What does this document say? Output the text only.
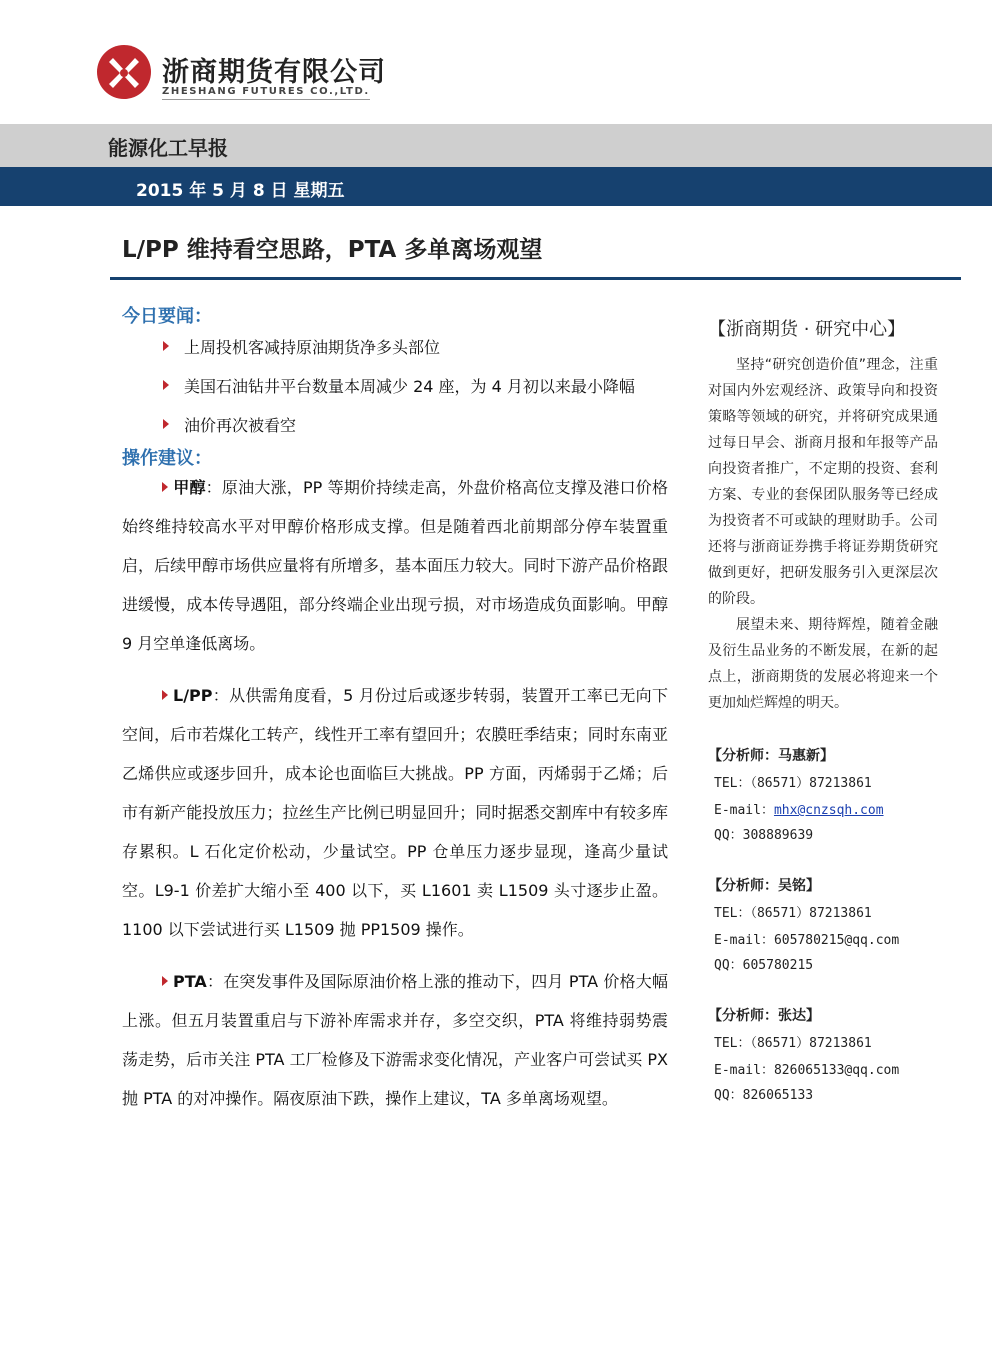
浙商期货有限公司
ZHESHANG FUTURES CO.,LTD.
能源化工早报
2015 年 5 月 8 日 星期五
L/PP 维持看空思路，PTA 多单离场观望
今日要闻：
上周投机客减持原油期货净多头部位
美国石油钻井平台数量本周减少 24 座，为 4 月初以来最小降幅
油价再次被看空
操作建议：

甲醇：原油大涨，PP 等期价持续走高，外盘价格高位支撑及港口价格始终维持较高水平对甲醇价格形成支撑。但是随着西北前期部分停车装置重启，后续甲醇市场供应量将有所增多，基本面压力较大。同时下游产品价格跟进缓慢，成本传导遇阻，部分终端企业出现亏损，对市场造成负面影响。甲醇 9 月空单逢低离场。

L/PP：从供需角度看，5 月份过后或逐步转弱，装置开工率已无向下空间，后市若煤化工转产，线性开工率有望回升；农膜旺季结束；同时东南亚乙烯供应或逐步回升，成本论也面临巨大挑战。PP 方面，丙烯弱于乙烯；后市有新产能投放压力；拉丝生产比例已明显回升；同时据悉交割库中有较多库存累积。L 石化定价松动，少量试空。PP 仓单压力逐步显现，逢高少量试空。L9-1 价差扩大缩小至 400 以下，买 L1601 卖 L1509 头寸逐步止盈。1100 以下尝试进行买 L1509 抛 PP1509 操作。

PTA：在突发事件及国际原油价格上涨的推动下，四月 PTA 价格大幅上涨。但五月装置重启与下游补库需求并存，多空交织，PTA 将维持弱势震荡走势，后市关注 PTA 工厂检修及下游需求变化情况，产业客户可尝试买 PX 抛 PTA 的对冲操作。隔夜原油下跌，操作上建议，TA 多单离场观望。

【浙商期货 · 研究中心】

坚持“研究创造价值”理念，注重对国内外宏观经济、政策导向和投资策略等领域的研究，并将研究成果通过每日早会、浙商月报和年报等产品向投资者推广，不定期的投资、套利方案、专业的套保团队服务等已经成为投资者不可或缺的理财助手。公司还将与浙商证券携手将证券期货研究做到更好，把研发服务引入更深层次的阶段。

展望未来、期待辉煌，随着金融及衍生品业务的不断发展，在新的起点上，浙商期货的发展必将迎来一个更加灿烂辉煌的明天。

【分析师：马惠新】
TEL：（86571）87213861
E-mail：mhx@cnzsqh.com
QQ：308889639
【分析师：吴铭】
TEL：（86571）87213861
E-mail：605780215@qq.com
QQ：605780215
【分析师：张达】
TEL：（86571）87213861
E-mail：826065133@qq.com
QQ：826065133
